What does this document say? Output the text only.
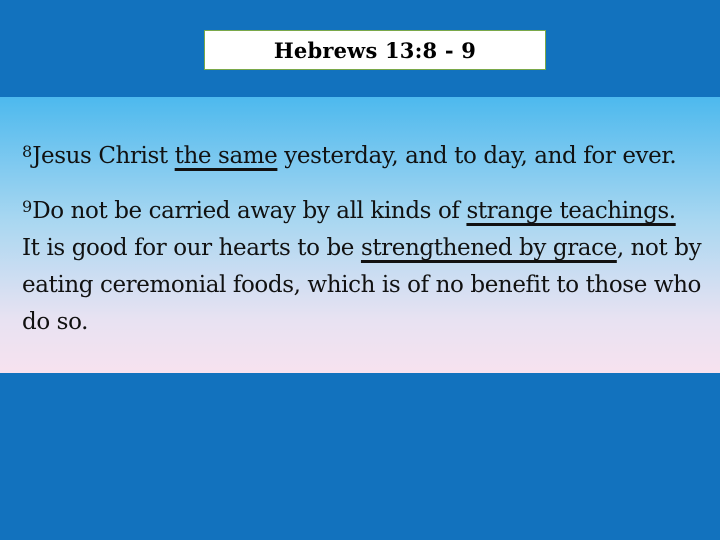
Hebrews 13:8 - 9

$^8$Jesus Christ the same yesterday, and to day, and for ever.

$^9$Do not be carried away by all kinds of strange teachings.  It is good for our hearts to be strengthened by grace, not by eating ceremonial foods, which is of no benefit to those who do so.
